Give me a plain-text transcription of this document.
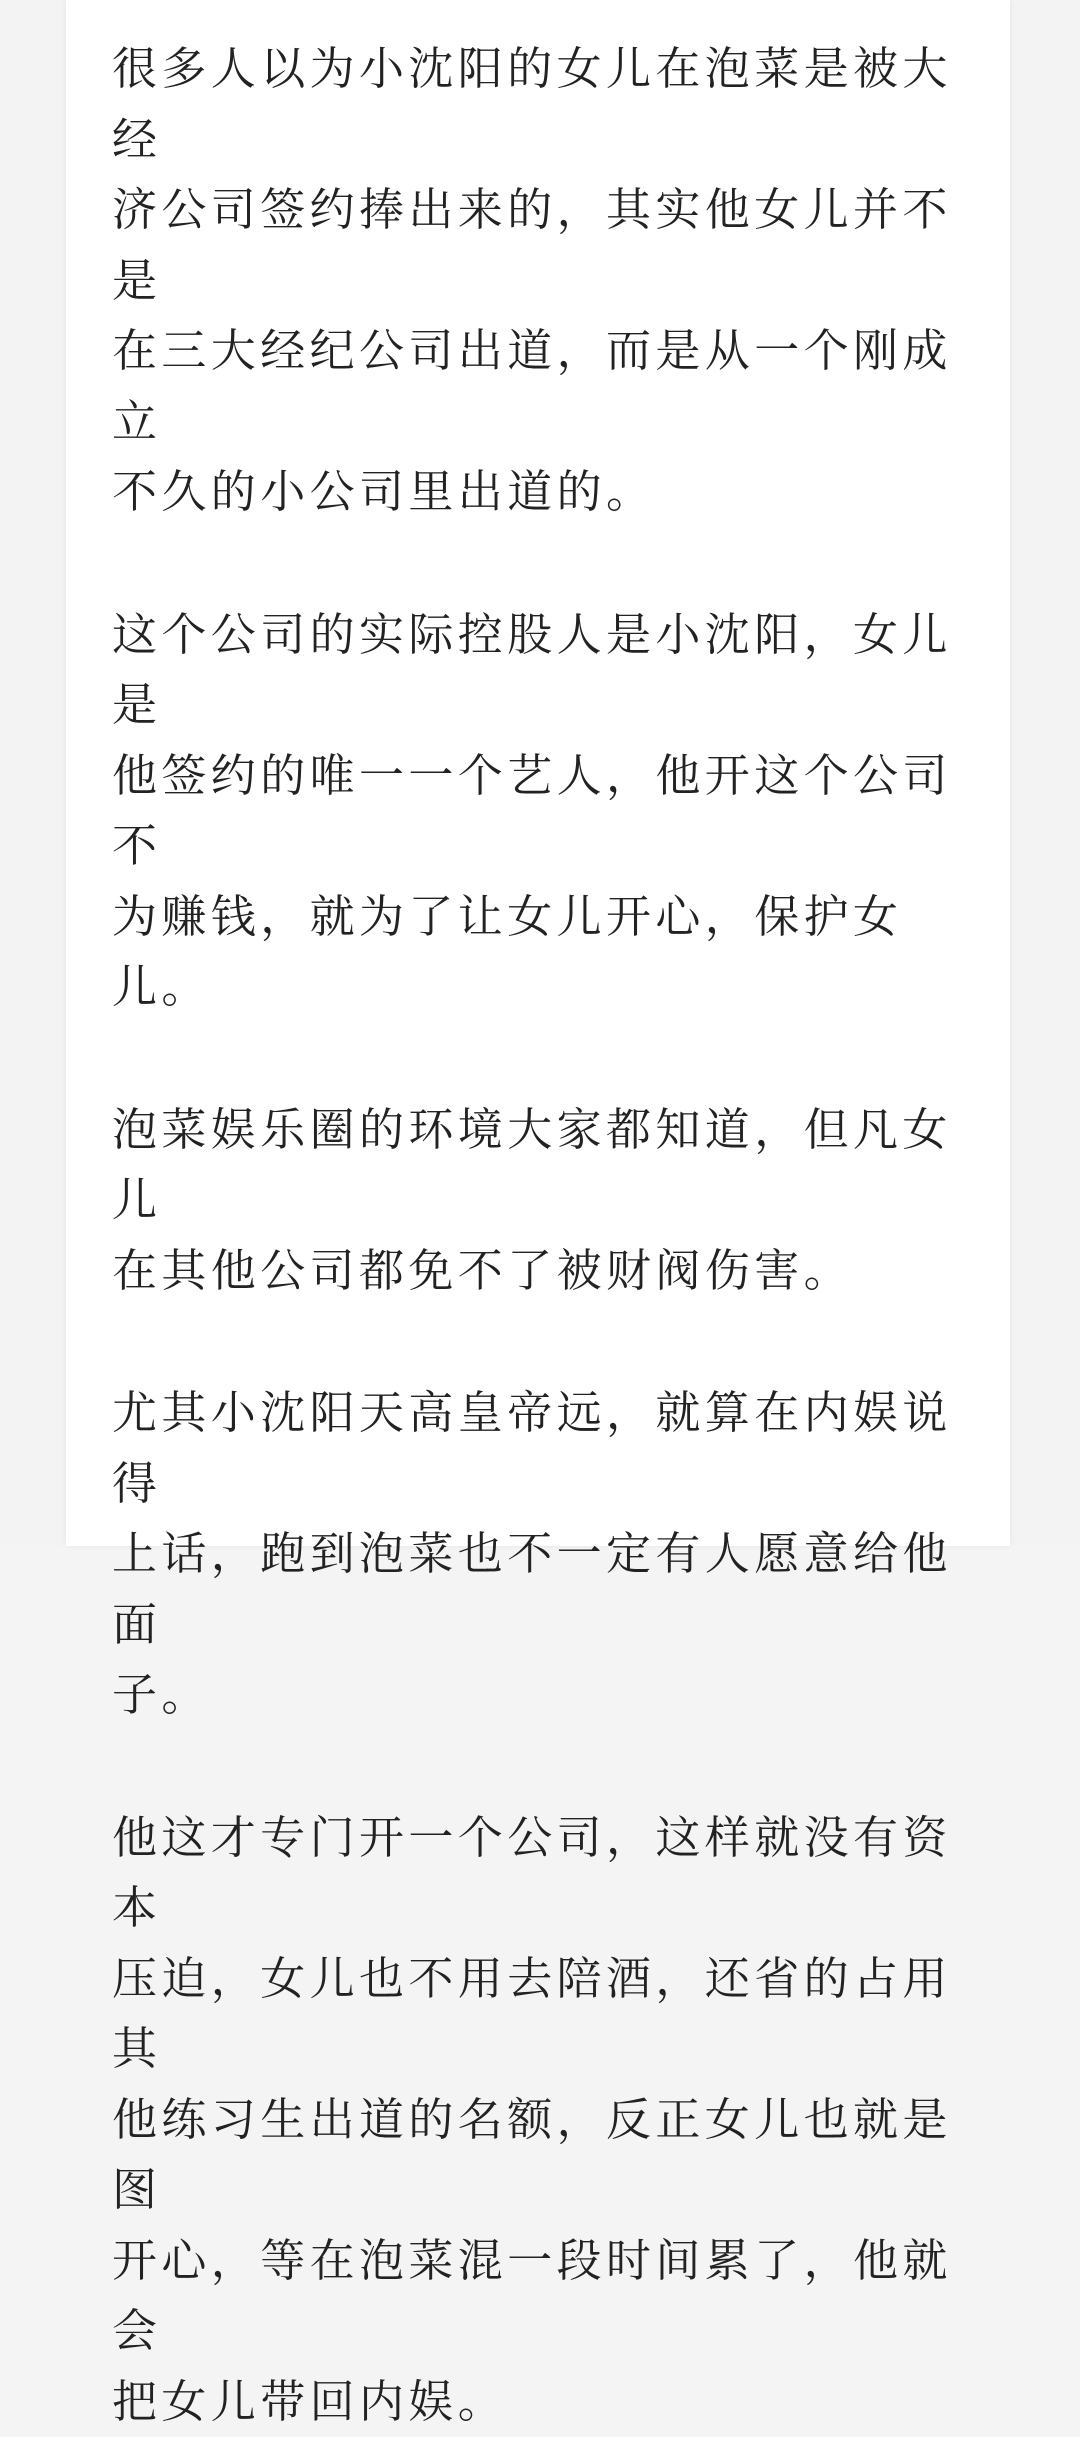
很多人以为小沈阳的女儿在泡菜是被大经
济公司签约捧出来的，其实他女儿并不是
在三大经纪公司出道，而是从一个刚成立
不久的小公司里出道的。

这个公司的实际控股人是小沈阳，女儿是
他签约的唯一一个艺人，他开这个公司不
为赚钱，就为了让女儿开心，保护女儿。

泡菜娱乐圈的环境大家都知道，但凡女儿
在其他公司都免不了被财阀伤害。

尤其小沈阳天高皇帝远，就算在内娱说得
上话，跑到泡菜也不一定有人愿意给他面
子。

他这才专门开一个公司，这样就没有资本
压迫，女儿也不用去陪酒，还省的占用其
他练习生出道的名额，反正女儿也就是图
开心，等在泡菜混一段时间累了，他就会
把女儿带回内娱。
